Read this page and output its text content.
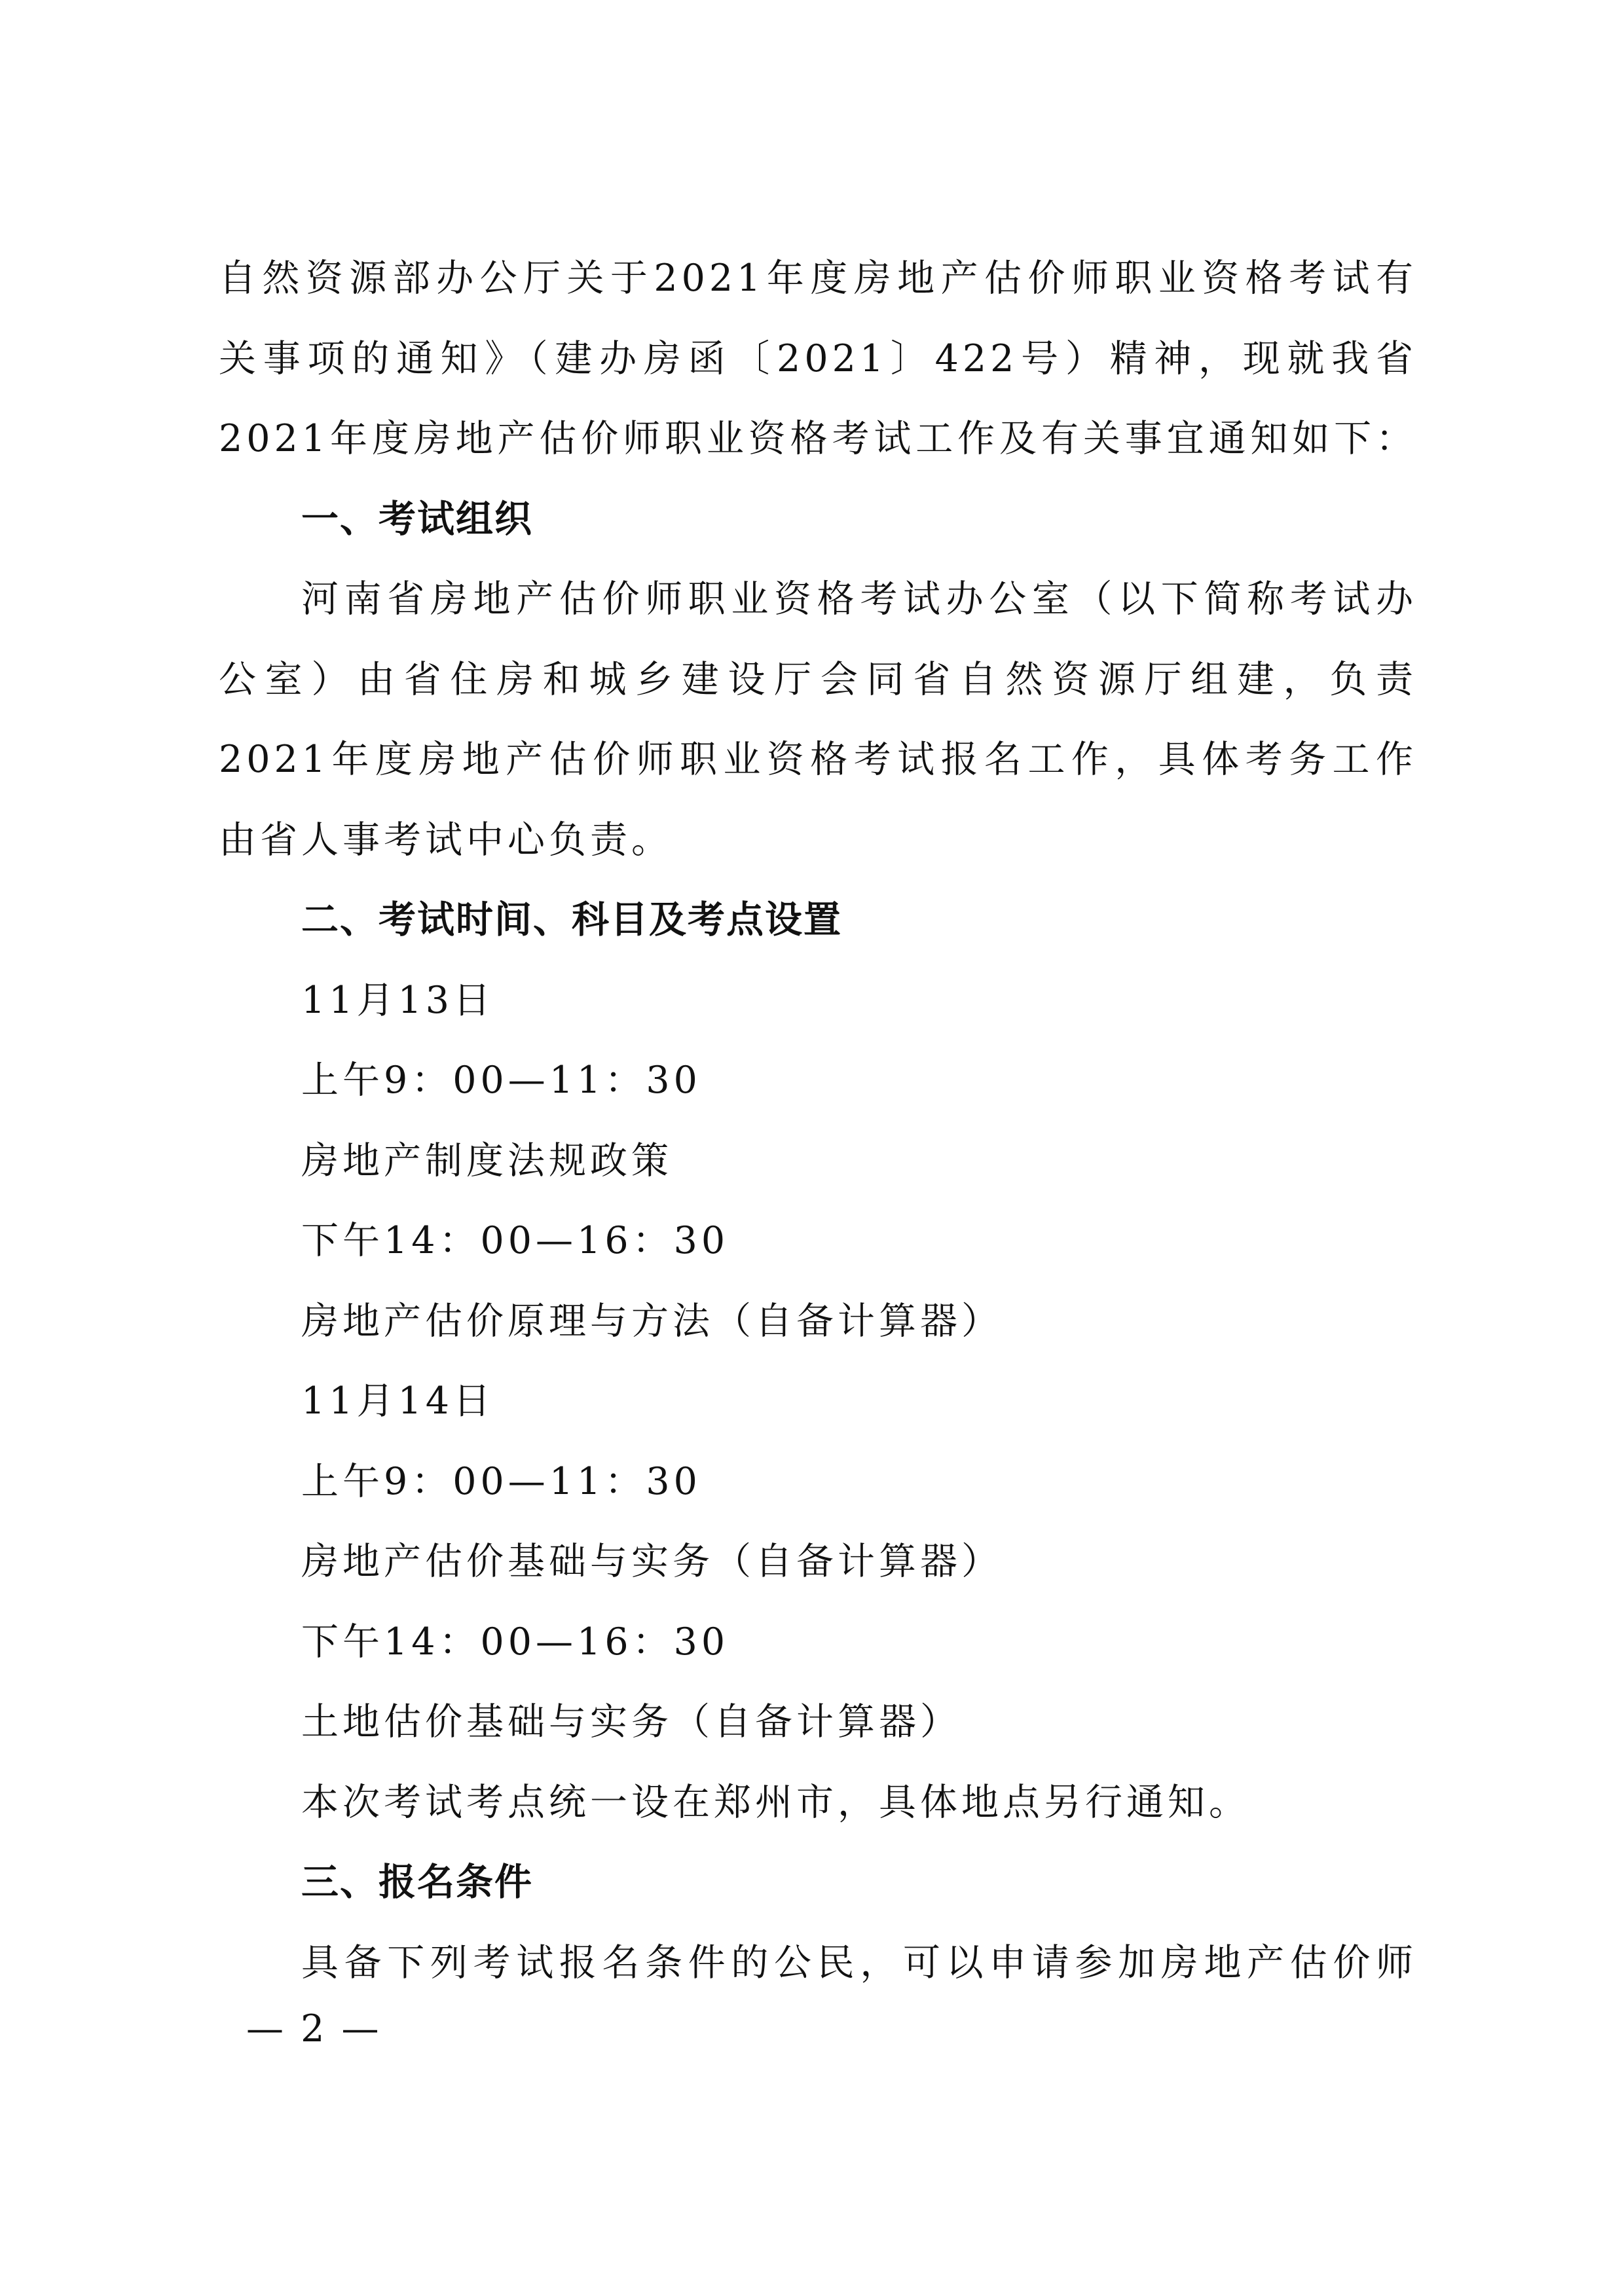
自然资源部办公厅关于2021年度房地产估价师职业资格考试有
关事项的通知》（建办房函〔2021〕422号）精神，现就我省
2021年度房地产估价师职业资格考试工作及有关事宜通知如下：
一、考试组织
河南省房地产估价师职业资格考试办公室（以下简称考试办
公室）由省住房和城乡建设厅会同省自然资源厅组建，负责
2021年度房地产估价师职业资格考试报名工作，具体考务工作
由省人事考试中心负责。
二、考试时间、科目及考点设置
11月13日
上午9：00—11：30
房地产制度法规政策
下午14：00—16：30
房地产估价原理与方法（自备计算器）
11月14日
上午9：00—11：30
房地产估价基础与实务（自备计算器）
下午14：00—16：30
土地估价基础与实务（自备计算器）
本次考试考点统一设在郑州市，具体地点另行通知。
三、报名条件
具备下列考试报名条件的公民，可以申请参加房地产估价师
— 2 —
